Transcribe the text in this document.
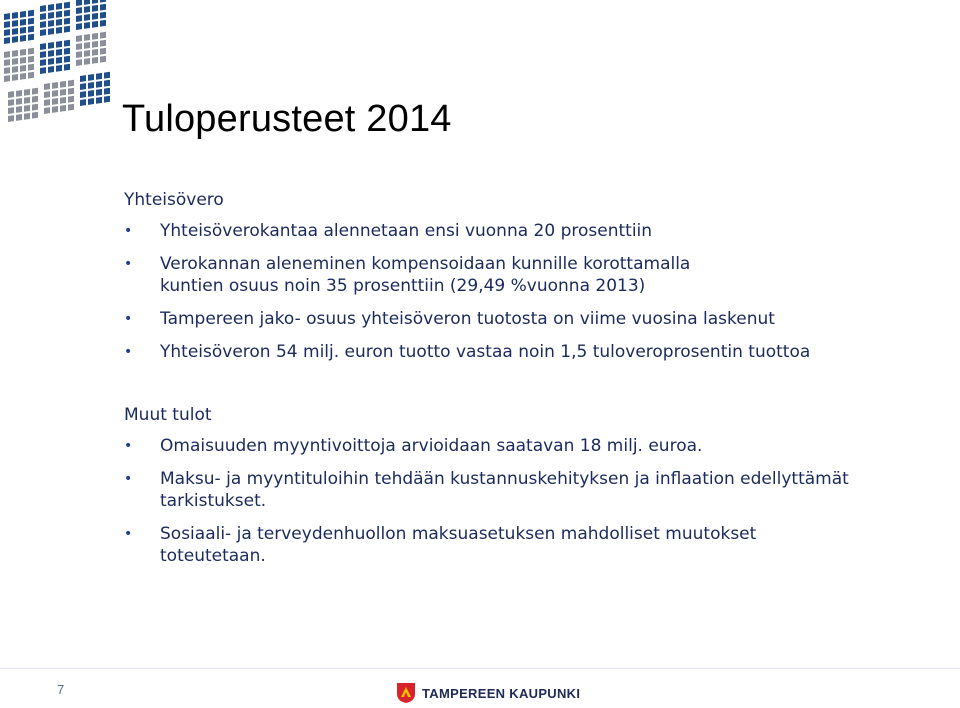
Tuloperusteet 2014
Yhteisövero
• Yhteisöverokantaa alennetaan ensi vuonna 20 prosenttiin
• Verokannan aleneminen kompensoidaan kunnille korottamalla kuntien osuus noin 35 prosenttiin (29,49 %vuonna 2013)
• Tampereen jako- osuus yhteisöveron tuotosta on viime vuosina laskenut
• Yhteisöveron 54 milj. euron tuotto vastaa noin 1,5 tuloveroprosentin tuottoa
Muut tulot
• Omaisuuden myyntivoittoja arvioidaan saatavan 18 milj. euroa.
• Maksu- ja myyntituloihin tehdään kustannuskehityksen ja inflaation edellyttämät tarkistukset.
• Sosiaali- ja terveydenhuollon maksuasetuksen mahdolliset muutokset toteutetaan.
7	TAMPEREEN KAUPUNKI
